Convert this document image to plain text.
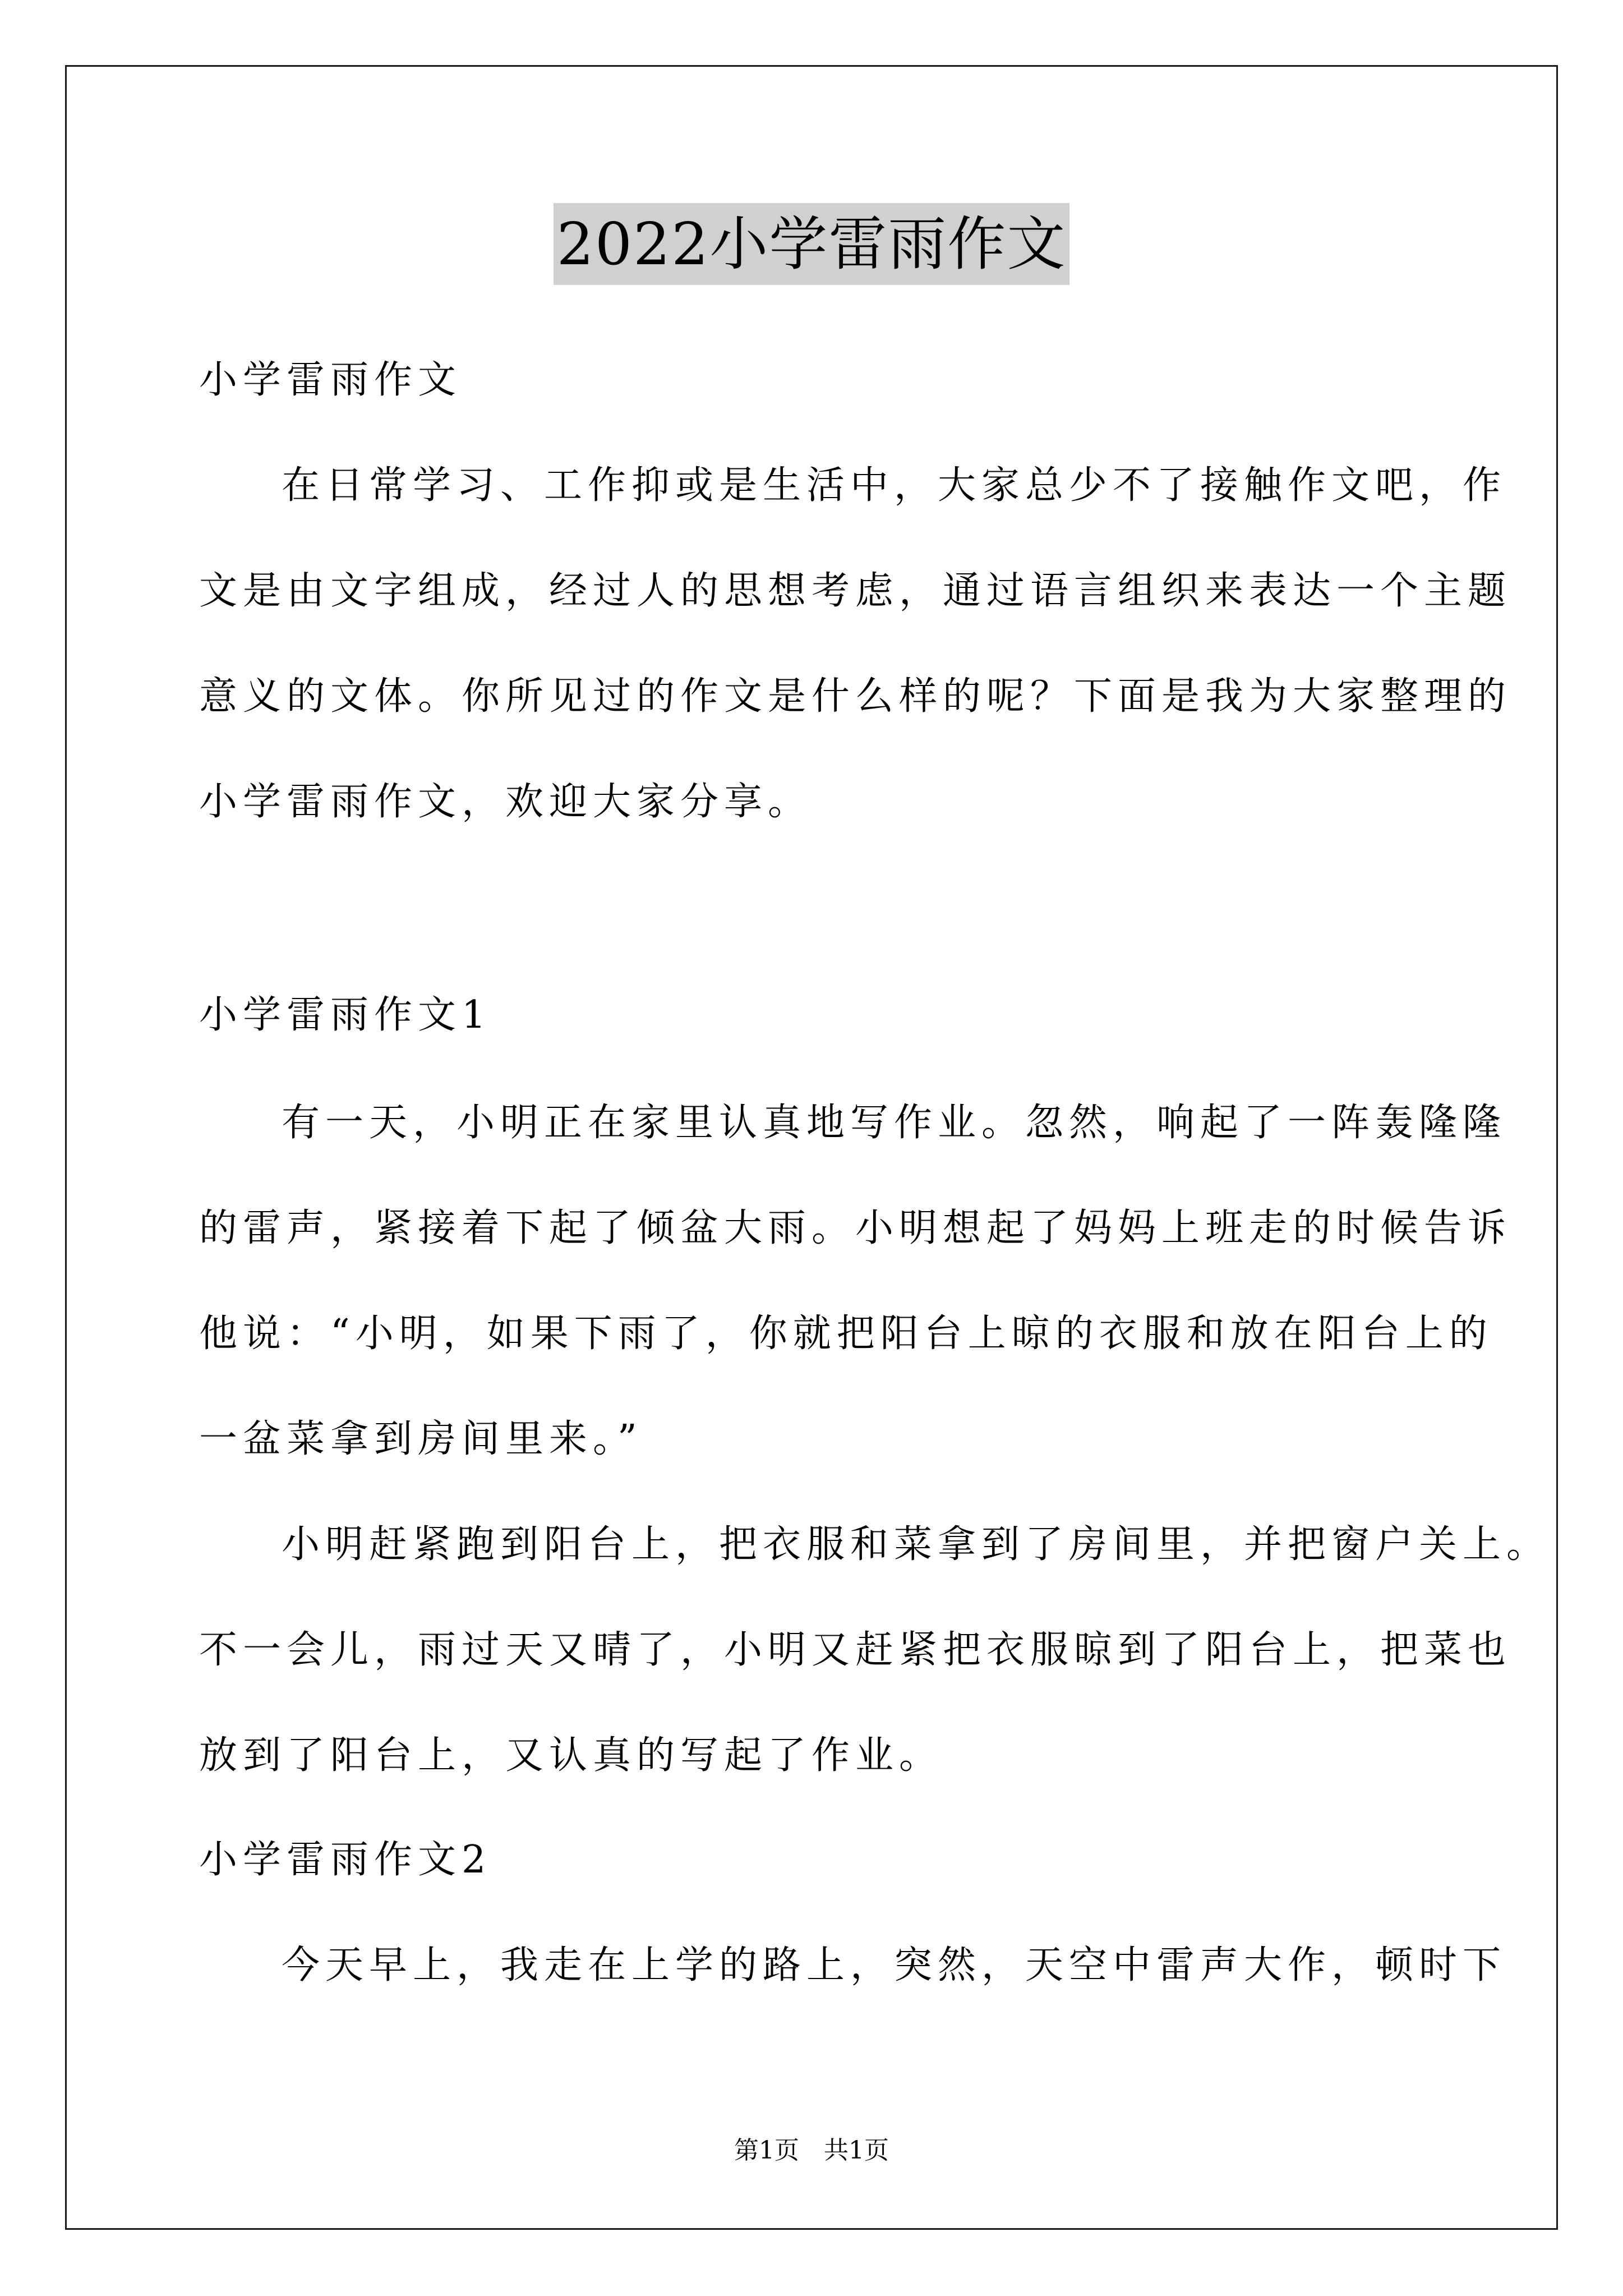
2022小学雷雨作文
小学雷雨作文
在日常学习、工作抑或是生活中，大家总少不了接触作文吧，作
文是由文字组成，经过人的思想考虑，通过语言组织来表达一个主题
意义的文体。你所见过的作文是什么样的呢？下面是我为大家整理的
小学雷雨作文，欢迎大家分享。
小学雷雨作文1
有一天，小明正在家里认真地写作业。忽然，响起了一阵轰隆隆
的雷声，紧接着下起了倾盆大雨。小明想起了妈妈上班走的时候告诉
他说：“小明，如果下雨了，你就把阳台上晾的衣服和放在阳台上的
一盆菜拿到房间里来。”
小明赶紧跑到阳台上，把衣服和菜拿到了房间里，并把窗户关上。
不一会儿，雨过天又晴了，小明又赶紧把衣服晾到了阳台上，把菜也
放到了阳台上，又认真的写起了作业。
小学雷雨作文2
今天早上，我走在上学的路上，突然，天空中雷声大作，顿时下
第1页　共1页
